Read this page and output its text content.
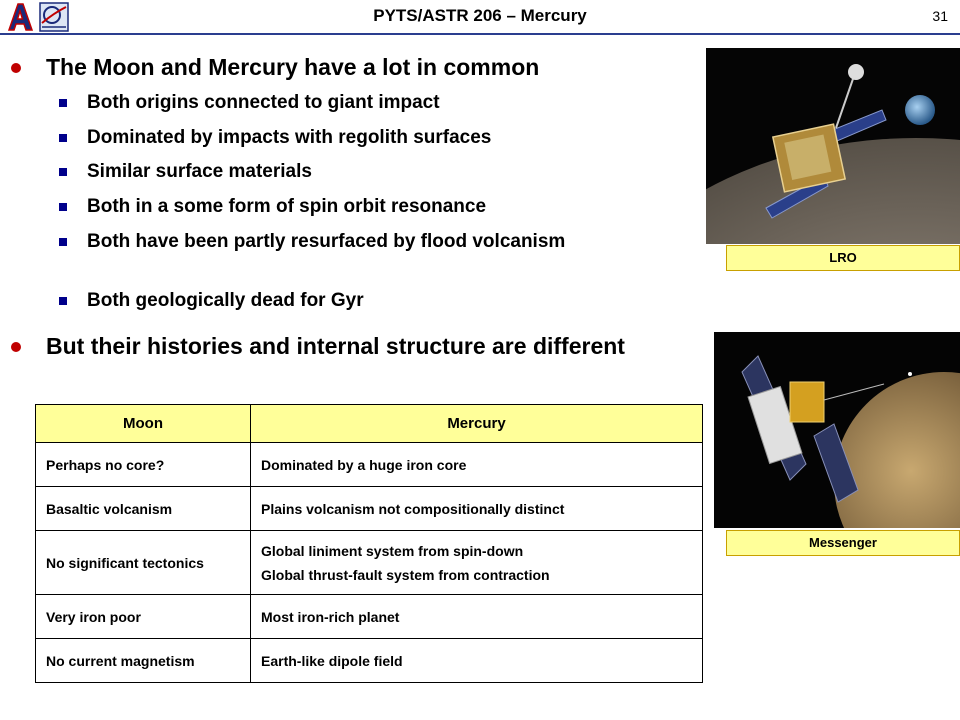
PYTS/ASTR 206 – Mercury	31
The Moon and Mercury have a lot in common
Both origins connected to giant impact
Dominated by impacts with regolith surfaces
Similar surface materials
Both in a some form of spin orbit resonance
Both have been partly resurfaced by flood volcanism
Both geologically dead for Gyr
But their histories and internal structure are different
Moon	Mercury
Perhaps no core?	Dominated by a huge iron core
Basaltic volcanism	Plains volcanism not compositionally distinct
No significant tectonics	Global liniment system from spin-down
Global thrust-fault system from contraction

Very iron poor	Most iron-rich planet
No current magnetism	Earth-like dipole field
LRO
Messenger
